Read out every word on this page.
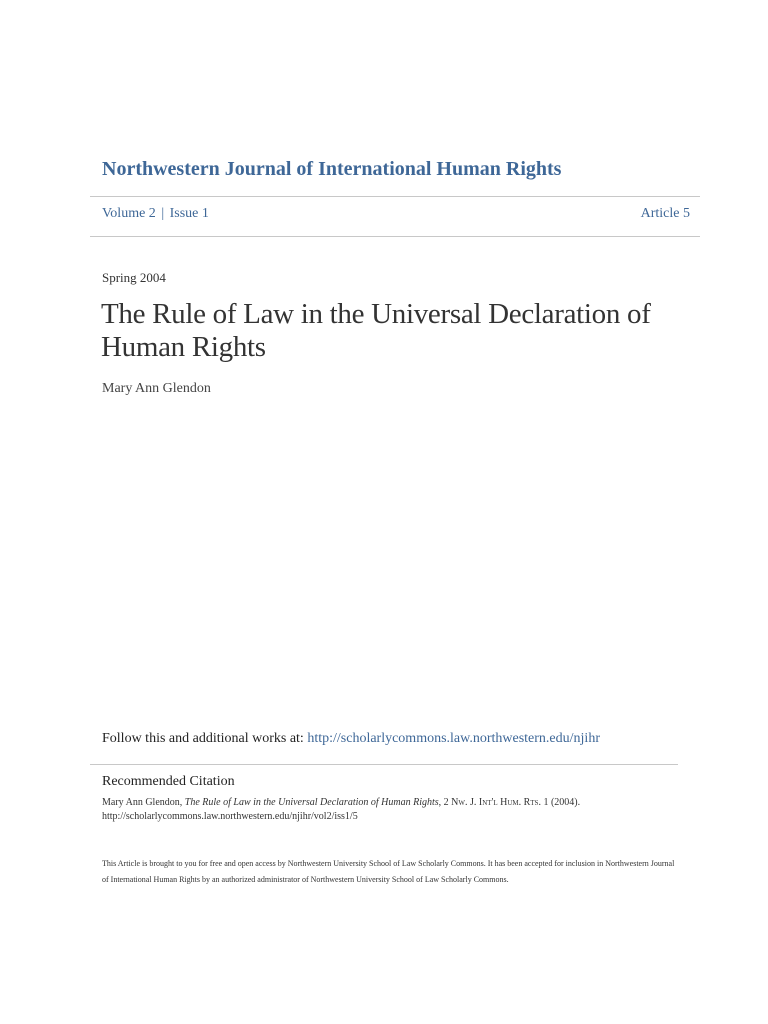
Northwestern Journal of International Human Rights
Volume 2 | Issue 1	Article 5
Spring 2004
The Rule of Law in the Universal Declaration of Human Rights
Mary Ann Glendon
Follow this and additional works at: http://scholarlycommons.law.northwestern.edu/njihr
Recommended Citation
Mary Ann Glendon, The Rule of Law in the Universal Declaration of Human Rights, 2 Nw. J. Int'l Hum. Rts. 1 (2004).
http://scholarlycommons.law.northwestern.edu/njihr/vol2/iss1/5
This Article is brought to you for free and open access by Northwestern University School of Law Scholarly Commons. It has been accepted for inclusion in Northwestern Journal of International Human Rights by an authorized administrator of Northwestern University School of Law Scholarly Commons.
